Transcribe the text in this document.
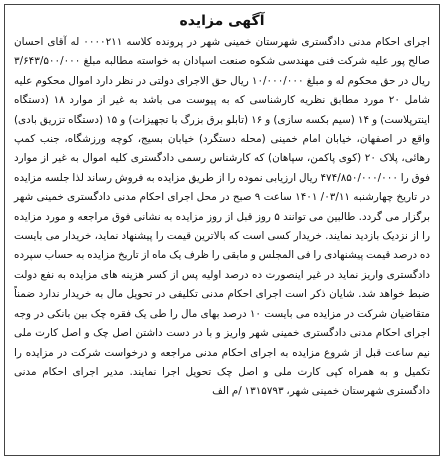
آگهی مزایده

اجرای احکام مدنی دادگستری شهرستان خمینی شهر در پرونده کلاسه ۰۰۰۰۲۱۱ له آقای احسان صالح پور علیه شرکت فنی مهندسی شکوه صنعت اسپادان به خواسته مطالبه مبلغ ۳/۶۴۳/۵۰۰/۰۰۰ ریال در حق محکوم له و مبلغ ۱۰/۰۰۰/۰۰۰ ریال حق الاجرای دولتی در نظر دارد اموال محکوم علیه شامل ۲۰ مورد مطابق نظریه کارشناسی که به پیوست می باشد به غیر از موارد ۱۸ (دستگاه اینترپلاست) و ۱۴ (سیم بکسه سازی) و ۱۶ (تابلو برق بزرگ با تجهیزات) و ۱۵ (دستگاه تزریق بادی) واقع در اصفهان، خیابان امام خمینی (محله دستگرد) خیابان بسیج، کوچه ورزشگاه، جنب کمپ رهائی، پلاک ۲۰ (کوی پاکمن، سپاهان) که کارشناس رسمی دادگستری کلیه اموال به غیر از موارد فوق را ۴۷۴/۸۵۰/۰۰۰/۰۰۰ ریال ارزیابی نموده را از طریق مزایده به فروش رساند لذا جلسه مزایده در تاریخ چهارشنبه ۰۳/۱۱/ ۱۴۰۱ ساعت ۹ صبح در محل اجرای احکام مدنی دادگستری خمینی شهر برگزار می گردد. طالبین می توانند ۵ روز قبل از روز مزایده به نشانی فوق مراجعه و مورد مزایده را از نزدیک بازدید نمایند. خریدار کسی است که بالاترین قیمت را پیشنهاد نماید، خریدار می بایست ده درصد قیمت پیشنهادی را فی المجلس و مابقی را ظرف یک ماه از تاریخ مزایده به حساب سپرده دادگستری واریز نماید در غیر اینصورت ده درصد اولیه پس از کسر هزینه های مزایده به نفع دولت ضبط خواهد شد. شایان ذکر است اجرای احکام مدنی تکلیفی در تحویل مال به خریدار ندارد ضمناً متقاضیان شرکت در مزایده می بایست ۱۰ درصد بهای مال را طی یک فقره چک بین بانکی در وجه اجرای احکام مدنی دادگستری خمینی شهر واریز و با در دست داشتن اصل چک و اصل کارت ملی نیم ساعت قبل از شروع مزایده به اجرای احکام مدنی مراجعه و درخواست شرکت در مزایده را تکمیل و به همراه کپی کارت ملی و اصل چک تحویل اجرا نمایند. مدیر اجرای احکام مدنی دادگستری شهرستان خمینی شهر، ۱۳۱۵۷۹۳ /م الف
